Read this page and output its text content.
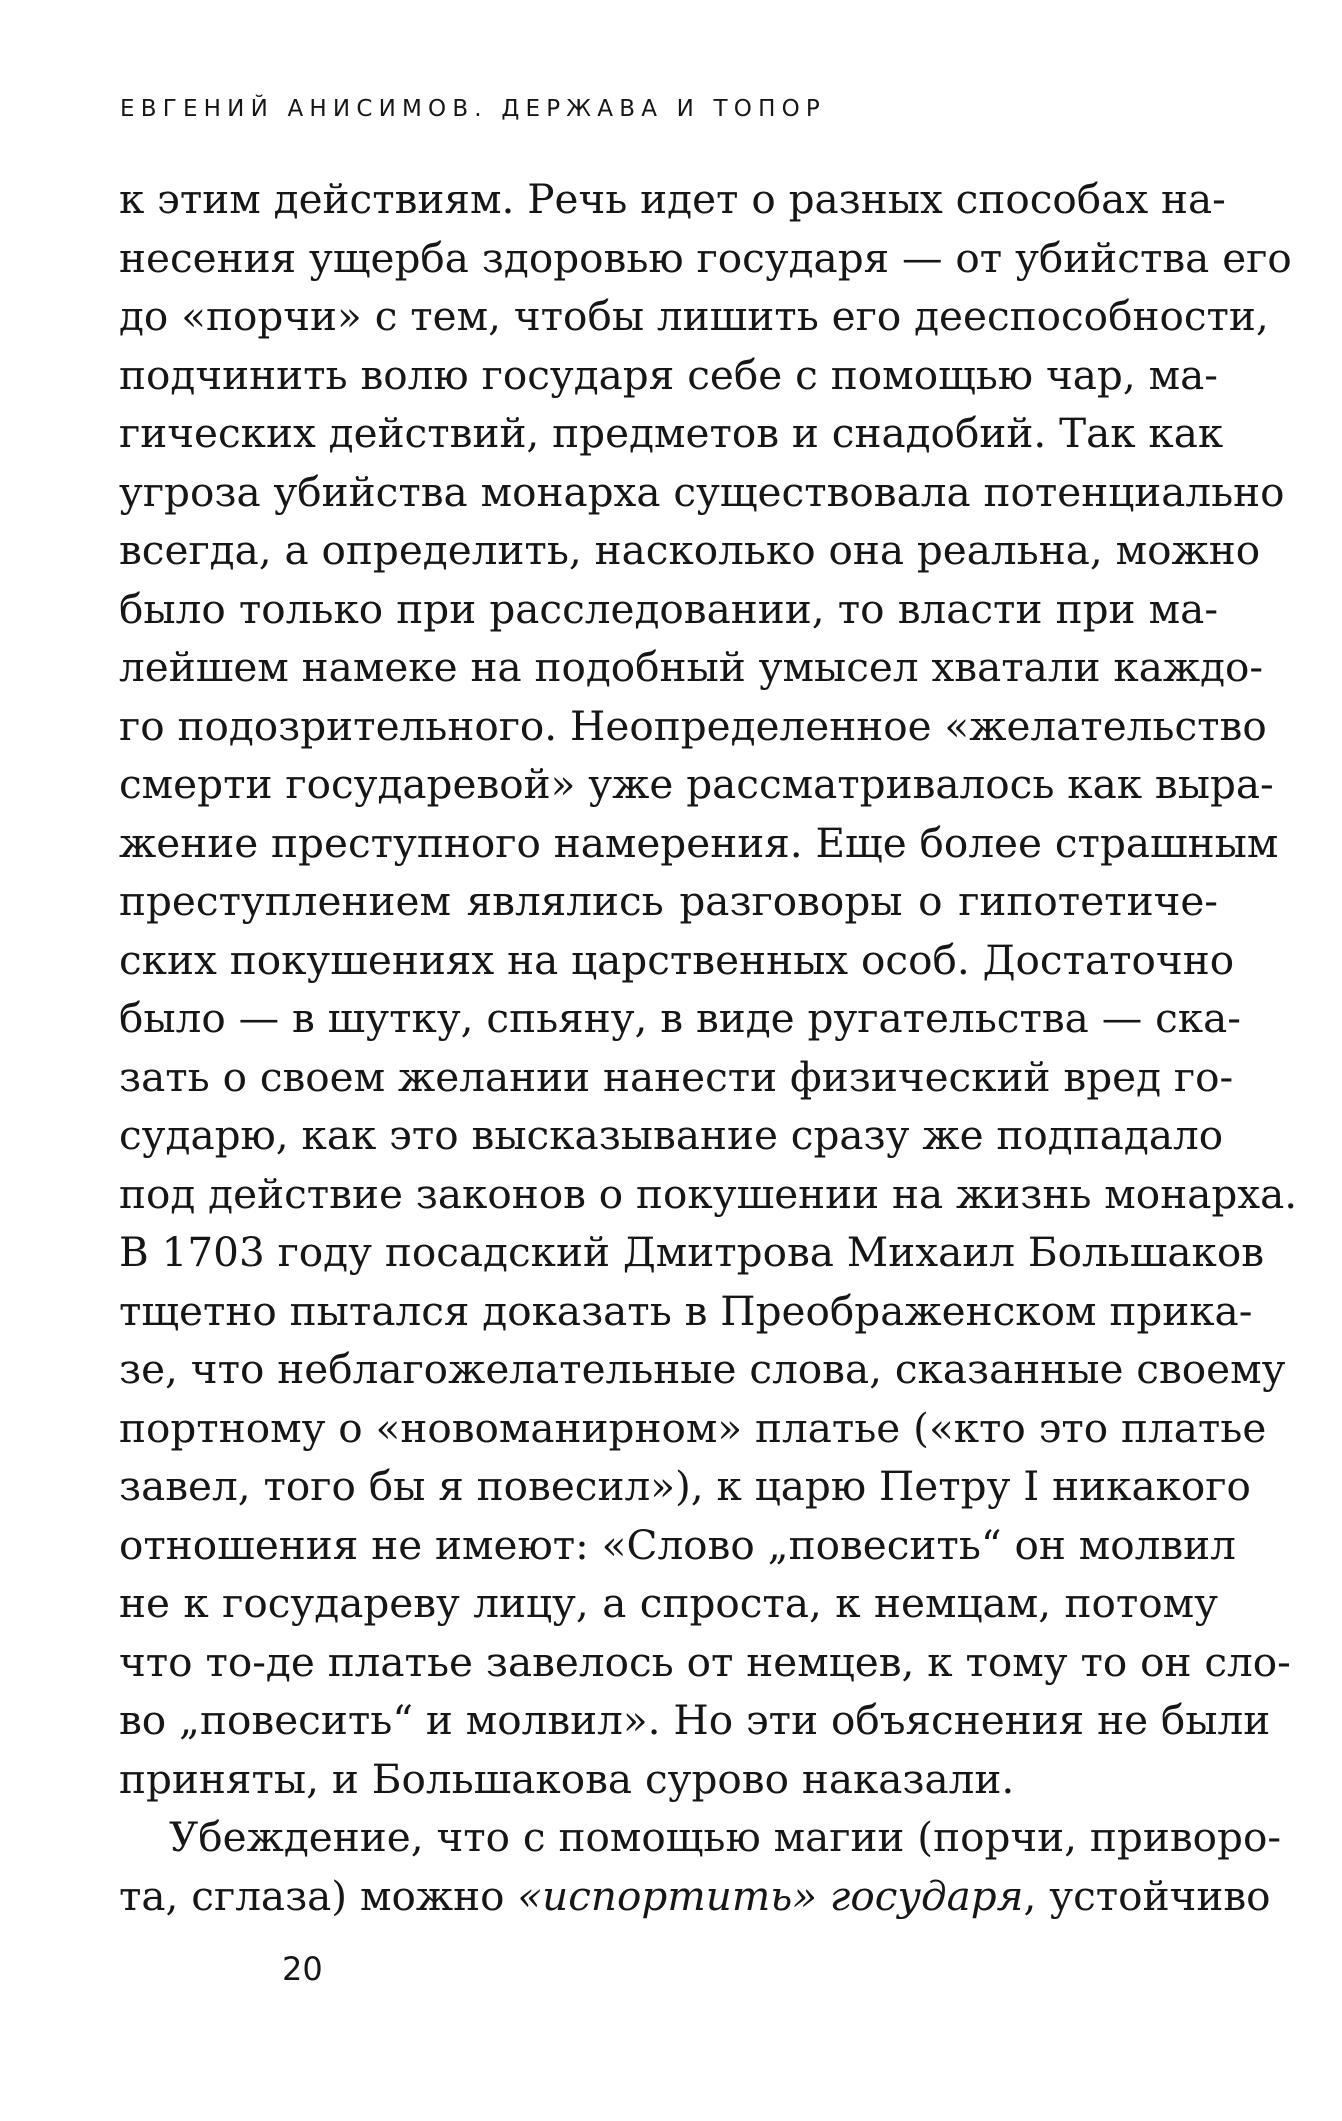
ЕВГЕНИЙ АНИСИМОВ. ДЕРЖАВА И ТОПОР
к этим действиям. Речь идет о разных способах на-
несения ущерба здоровью государя — от убийства его
до «порчи» с тем, чтобы лишить его дееспособности,
подчинить волю государя себе с помощью чар, ма-
гических действий, предметов и снадобий. Так как
угроза убийства монарха существовала потенциально
всегда, а определить, насколько она реальна, можно
было только при расследовании, то власти при ма-
лейшем намеке на подобный умысел хватали каждо-
го подозрительного. Неопределенное «желательство
смерти государевой» уже рассматривалось как выра-
жение преступного намерения. Еще более страшным
преступлением являлись разговоры о гипотетиче-
ских покушениях на царственных особ. Достаточно
было — в шутку, спьяну, в виде ругательства — ска-
зать о своем желании нанести физический вред го-
сударю, как это высказывание сразу же подпадало
под действие законов о покушении на жизнь монарха.
В 1703 году посадский Дмитрова Михаил Большаков
тщетно пытался доказать в Преображенском прика-
зе, что неблагожелательные слова, сказанные своему
портному о «новоманирном» платье («кто это платье
завел, того бы я повесил»), к царю Петру I никакого
отношения не имеют: «Слово „повесить“ он молвил
не к государеву лицу, а спроста, к немцам, потому
что то-де платье завелось от немцев, к тому то он сло-
во „повесить“ и молвил». Но эти объяснения не были
приняты, и Большакова сурово наказали.
Убеждение, что с помощью магии (порчи, приворо-
та, сглаза) можно «испортить» государя, устойчиво
20
